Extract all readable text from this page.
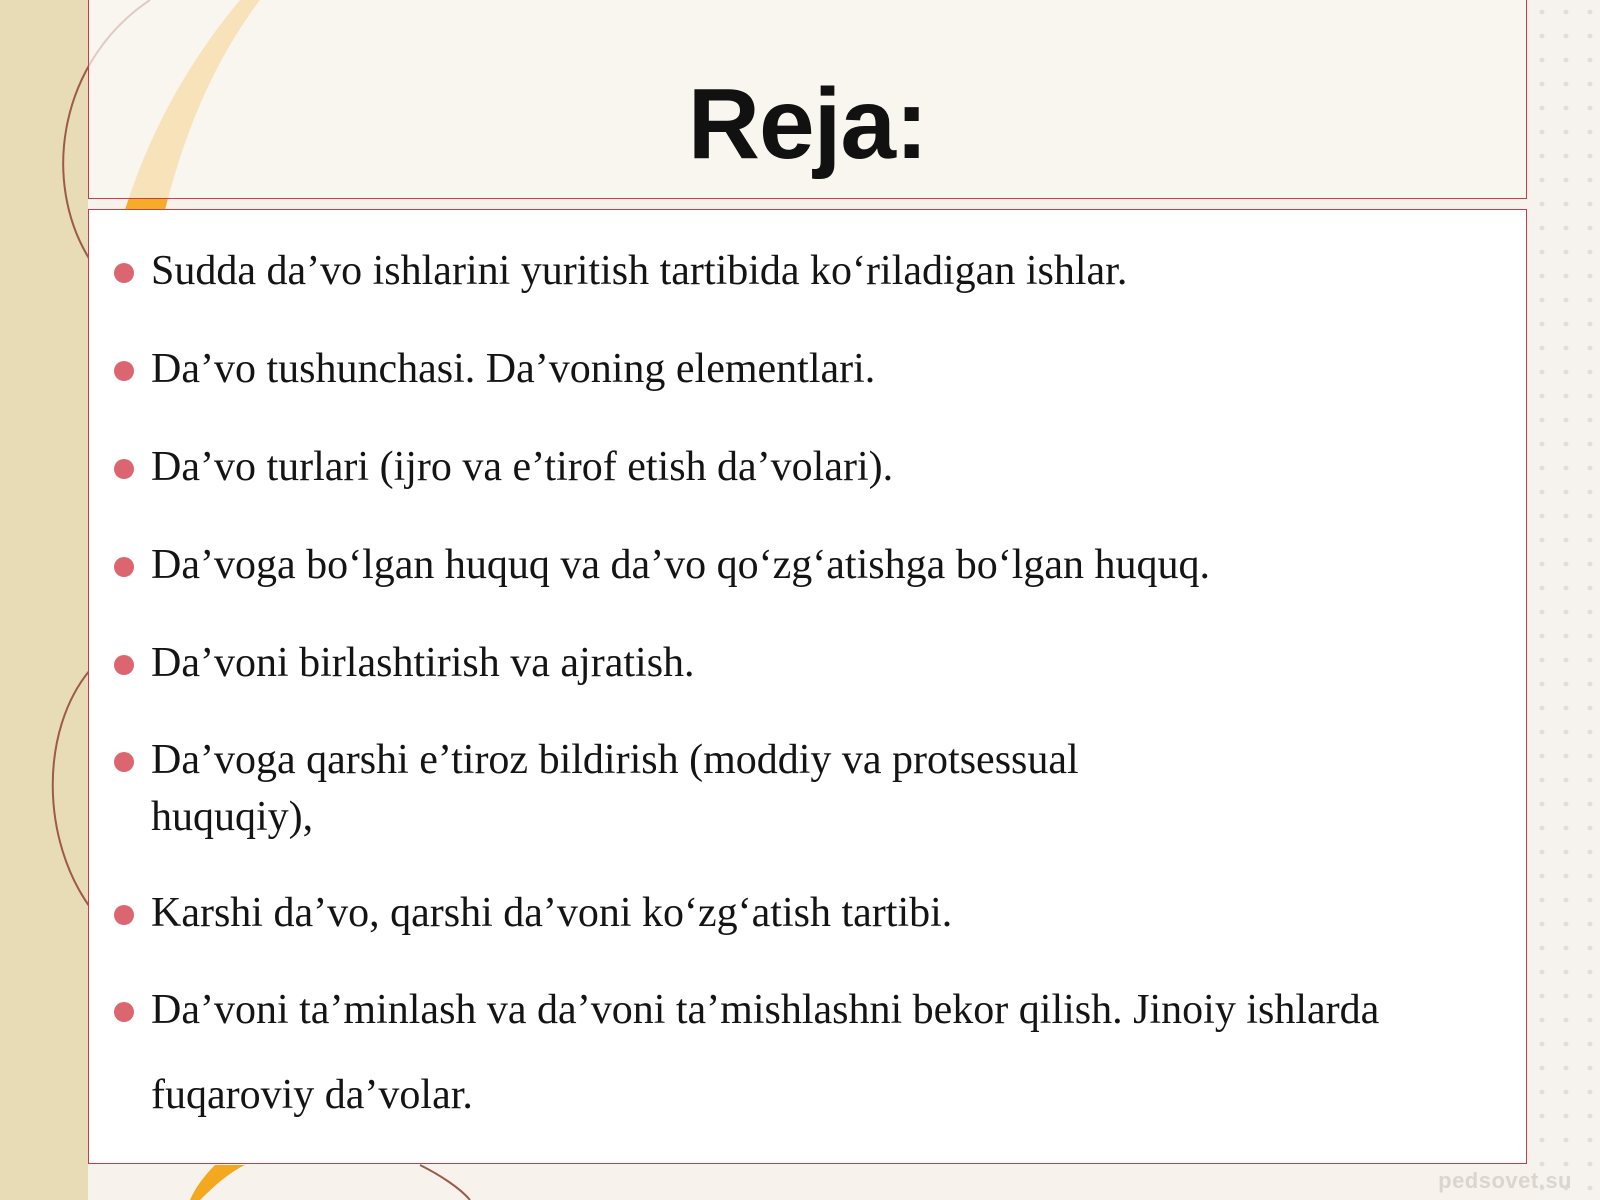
Reja:
Sudda da’vo ishlarini yuritish tartibida ko‘riladigan ishlar.
Da’vo tushunchasi. Da’voning elementlari.
Da’vo turlari (ijro va e’tirof etish da’volari).
Da’voga bo‘lgan huquq va da’vo qo‘zg‘atishga bo‘lgan huquq.
Da’voni birlashtirish va ajratish.
Da’voga qarshi e’tiroz bildirish (moddiy va protsessual huquqiy),
Karshi da’vo, qarshi da’voni ko‘zg‘atish tartibi.
Da’voni ta’minlash va da’voni ta’mishlashni bekor qilish. Jinoiy ishlarda fuqaroviy da’volar.
pedsovet.su
